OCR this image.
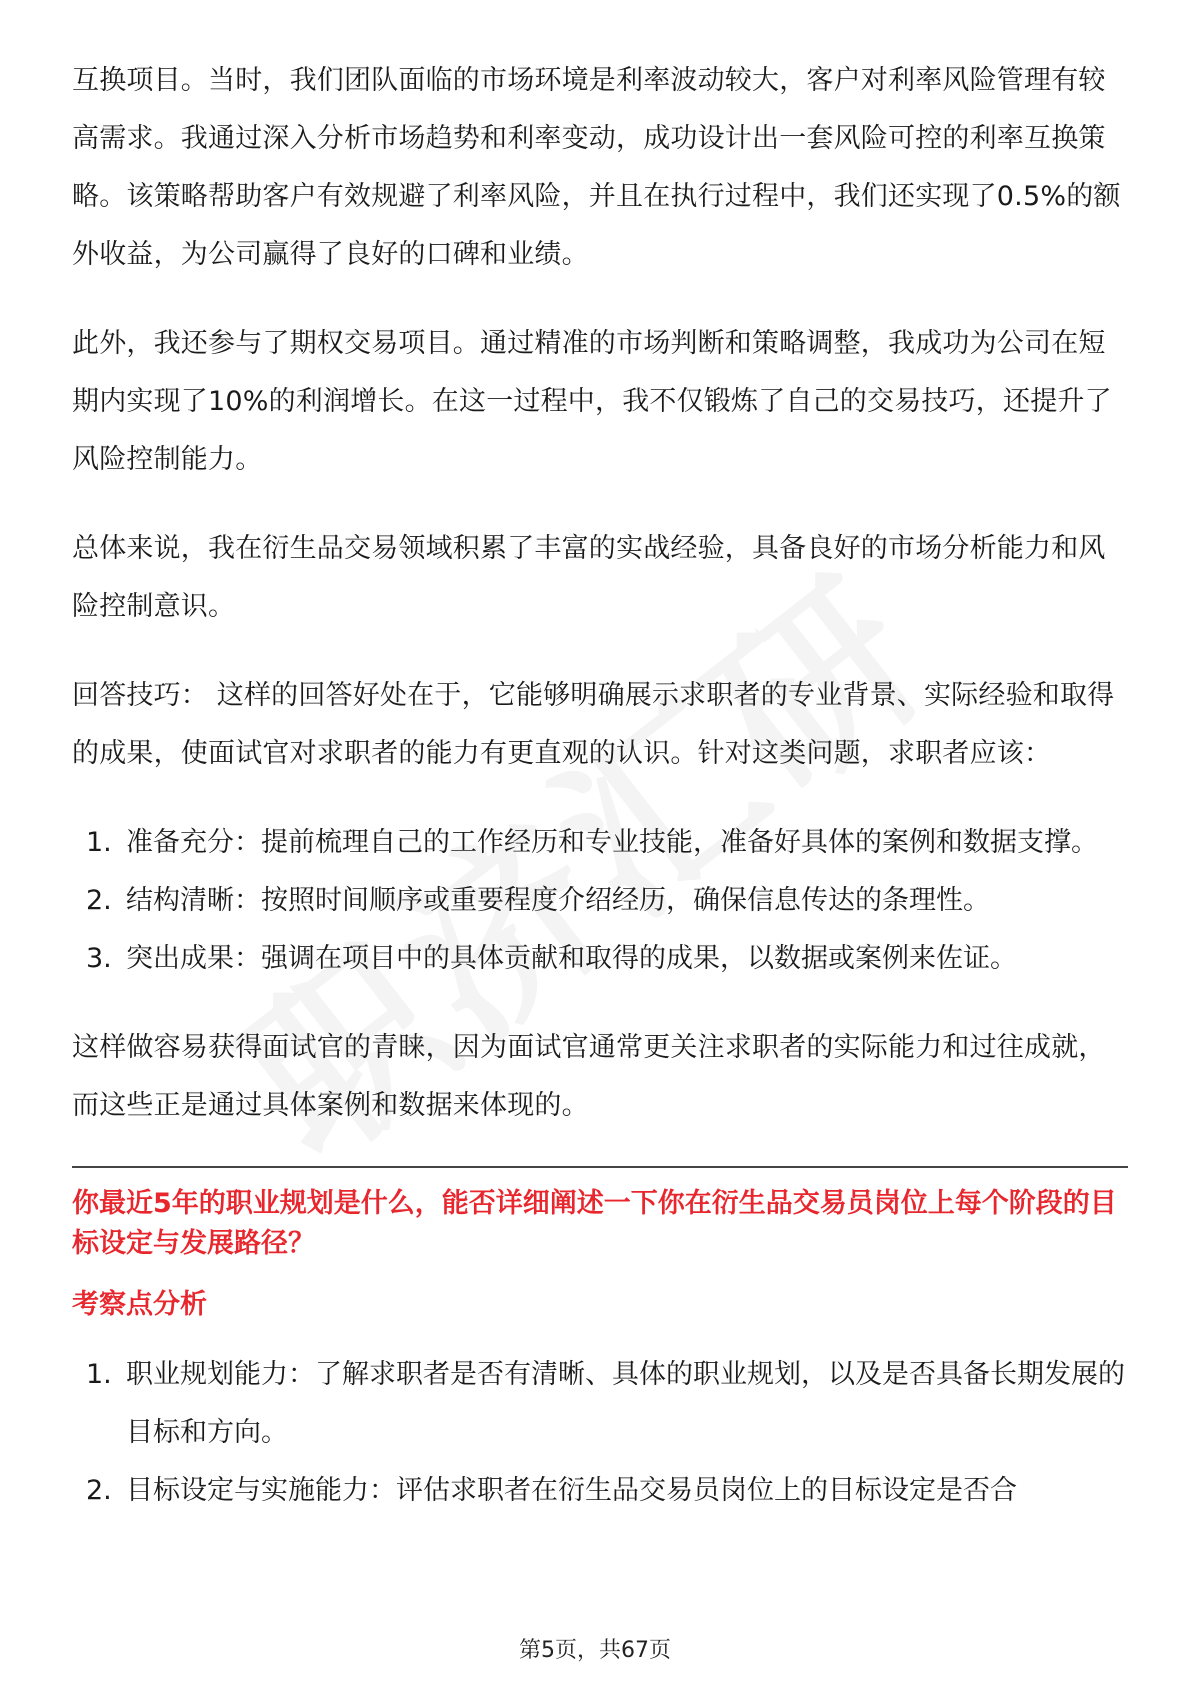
互换项目。当时，我们团队面临的市场环境是利率波动较大，客户对利率风险管理有较高需求。我通过深入分析市场趋势和利率变动，成功设计出一套风险可控的利率互换策略。该策略帮助客户有效规避了利率风险，并且在执行过程中，我们还实现了0.5%的额外收益，为公司赢得了良好的口碑和业绩。

此外，我还参与了期权交易项目。通过精准的市场判断和策略调整，我成功为公司在短期内实现了10%的利润增长。在这一过程中，我不仅锻炼了自己的交易技巧，还提升了风险控制能力。

总体来说，我在衍生品交易领域积累了丰富的实战经验，具备良好的市场分析能力和风险控制意识。

回答技巧： 这样的回答好处在于，它能够明确展示求职者的专业背景、实际经验和取得的成果，使面试官对求职者的能力有更直观的认识。针对这类问题，求职者应该：

1. 准备充分：提前梳理自己的工作经历和专业技能，准备好具体的案例和数据支撑。
2. 结构清晰：按照时间顺序或重要程度介绍经历，确保信息传达的条理性。
3. 突出成果：强调在项目中的具体贡献和取得的成果，以数据或案例来佐证。

这样做容易获得面试官的青睐，因为面试官通常更关注求职者的实际能力和过往成就，而这些正是通过具体案例和数据来体现的。

你最近5年的职业规划是什么，能否详细阐述一下你在衍生品交易员岗位上每个阶段的目标设定与发展路径？
考察点分析
1. 职业规划能力：了解求职者是否有清晰、具体的职业规划，以及是否具备长期发展的目标和方向。
2. 目标设定与实施能力：评估求职者在衍生品交易员岗位上的目标设定是否合
第5页，共67页
